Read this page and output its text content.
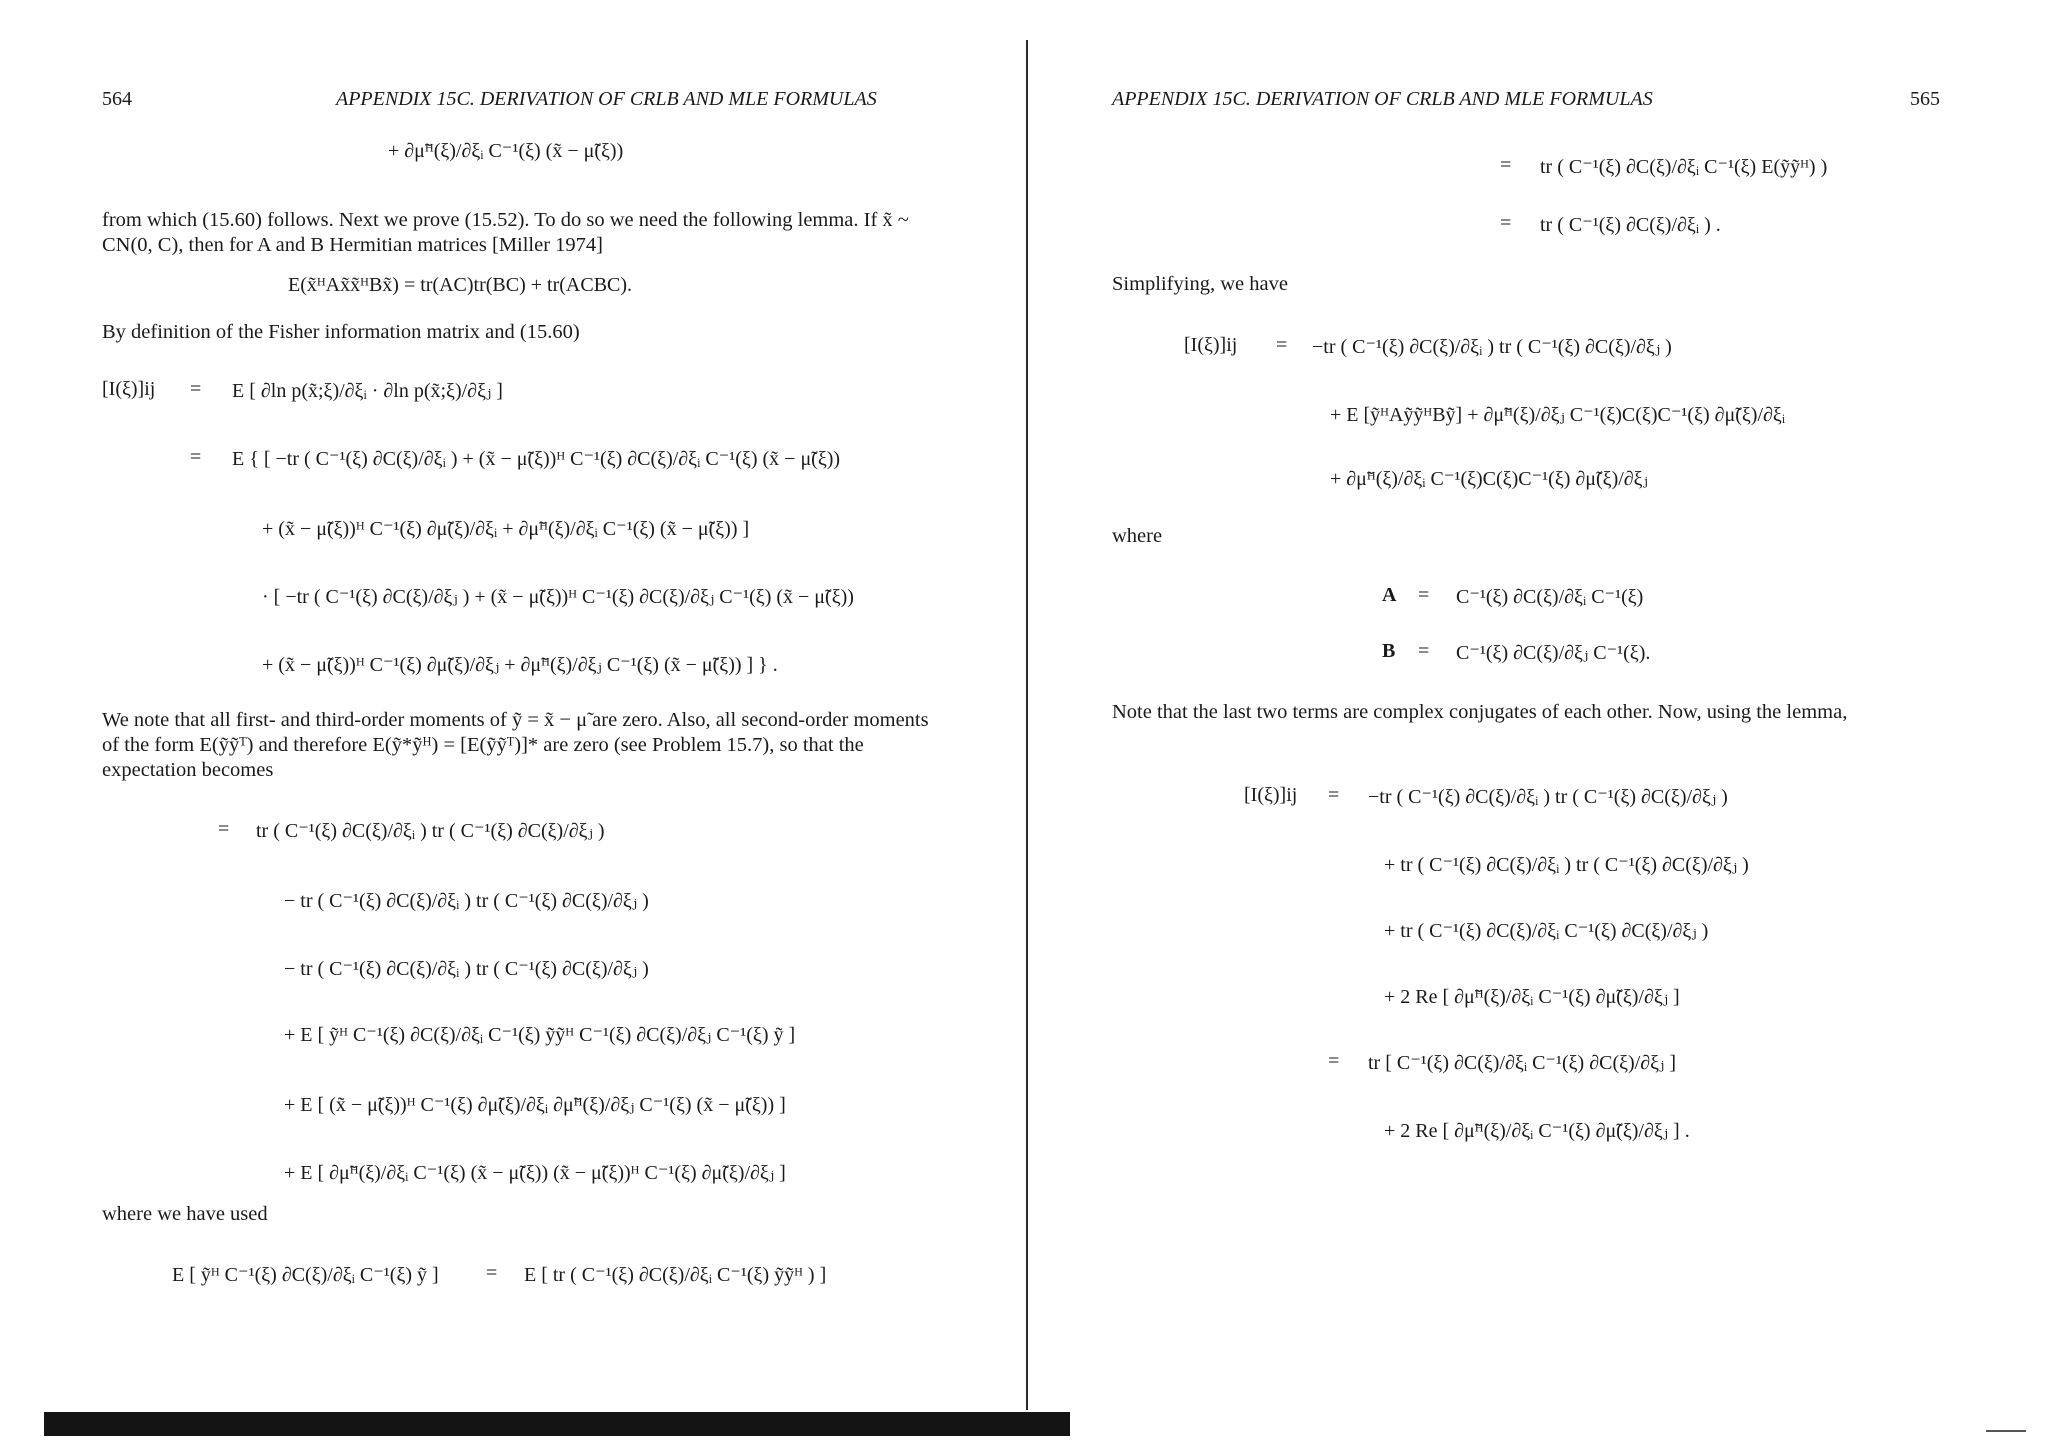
564	APPENDIX 15C. DERIVATION OF CRLB AND MLE FORMULAS
+ ∂μ̃ᴴ(ξ)/∂ξᵢ C⁻¹(ξ) (x̃ − μ̃(ξ))
from which (15.60) follows. Next we prove (15.52). To do so we need the following lemma. If x̃ ~ CN(0, C), then for A and B Hermitian matrices [Miller 1974]
E(x̃ᴴAx̃x̃ᴴBx̃) = tr(AC)tr(BC) + tr(ACBC).
By definition of the Fisher information matrix and (15.60)
[I(ξ)]ij = E [ ∂ln p(x̃;ξ)/∂ξᵢ · ∂ln p(x̃;ξ)/∂ξⱼ ]
= E { [ −tr ( C⁻¹(ξ) ∂C(ξ)/∂ξᵢ ) + (x̃ − μ̃(ξ))ᴴ C⁻¹(ξ) ∂C(ξ)/∂ξᵢ C⁻¹(ξ) (x̃ − μ̃(ξ))
+ (x̃ − μ̃(ξ))ᴴ C⁻¹(ξ) ∂μ̃(ξ)/∂ξᵢ + ∂μ̃ᴴ(ξ)/∂ξᵢ C⁻¹(ξ) (x̃ − μ̃(ξ)) ]
· [ −tr ( C⁻¹(ξ) ∂C(ξ)/∂ξⱼ ) + (x̃ − μ̃(ξ))ᴴ C⁻¹(ξ) ∂C(ξ)/∂ξⱼ C⁻¹(ξ) (x̃ − μ̃(ξ))
+ (x̃ − μ̃(ξ))ᴴ C⁻¹(ξ) ∂μ̃(ξ)/∂ξⱼ + ∂μ̃ᴴ(ξ)/∂ξⱼ C⁻¹(ξ) (x̃ − μ̃(ξ)) ] } .
We note that all first- and third-order moments of ỹ = x̃ − μ̃ are zero. Also, all second-order moments of the form E(ỹỹᵀ) and therefore E(ỹ*ỹᴴ) = [E(ỹỹᵀ)]* are zero (see Problem 15.7), so that the expectation becomes
= tr ( C⁻¹(ξ) ∂C(ξ)/∂ξᵢ ) tr ( C⁻¹(ξ) ∂C(ξ)/∂ξⱼ )
− tr ( C⁻¹(ξ) ∂C(ξ)/∂ξᵢ ) tr ( C⁻¹(ξ) ∂C(ξ)/∂ξⱼ )
− tr ( C⁻¹(ξ) ∂C(ξ)/∂ξᵢ ) tr ( C⁻¹(ξ) ∂C(ξ)/∂ξⱼ )
+ E [ ỹᴴ C⁻¹(ξ) ∂C(ξ)/∂ξᵢ C⁻¹(ξ) ỹỹᴴ C⁻¹(ξ) ∂C(ξ)/∂ξⱼ C⁻¹(ξ) ỹ ]
+ E [ (x̃ − μ̃(ξ))ᴴ C⁻¹(ξ) ∂μ̃(ξ)/∂ξᵢ ∂μ̃ᴴ(ξ)/∂ξⱼ C⁻¹(ξ) (x̃ − μ̃(ξ)) ]
+ E [ ∂μ̃ᴴ(ξ)/∂ξᵢ C⁻¹(ξ) (x̃ − μ̃(ξ)) (x̃ − μ̃(ξ))ᴴ C⁻¹(ξ) ∂μ̃(ξ)/∂ξⱼ ]
where we have used
E [ ỹᴴ C⁻¹(ξ) ∂C(ξ)/∂ξᵢ C⁻¹(ξ) ỹ ] = E [ tr ( C⁻¹(ξ) ∂C(ξ)/∂ξᵢ C⁻¹(ξ) ỹỹᴴ ) ]
APPENDIX 15C. DERIVATION OF CRLB AND MLE FORMULAS	565
= tr ( C⁻¹(ξ) ∂C(ξ)/∂ξᵢ C⁻¹(ξ) E(ỹỹᴴ) )
= tr ( C⁻¹(ξ) ∂C(ξ)/∂ξᵢ ) .
Simplifying, we have
[I(ξ)]ij = −tr ( C⁻¹(ξ) ∂C(ξ)/∂ξᵢ ) tr ( C⁻¹(ξ) ∂C(ξ)/∂ξⱼ )
+ E [ỹᴴAỹỹᴴBỹ] + ∂μ̃ᴴ(ξ)/∂ξⱼ C⁻¹(ξ)C(ξ)C⁻¹(ξ) ∂μ̃(ξ)/∂ξᵢ
+ ∂μ̃ᴴ(ξ)/∂ξᵢ C⁻¹(ξ)C(ξ)C⁻¹(ξ) ∂μ̃(ξ)/∂ξⱼ
where
A = C⁻¹(ξ) ∂C(ξ)/∂ξᵢ C⁻¹(ξ)
B = C⁻¹(ξ) ∂C(ξ)/∂ξⱼ C⁻¹(ξ).
Note that the last two terms are complex conjugates of each other. Now, using the lemma,
[I(ξ)]ij = −tr ( C⁻¹(ξ) ∂C(ξ)/∂ξᵢ ) tr ( C⁻¹(ξ) ∂C(ξ)/∂ξⱼ )
+ tr ( C⁻¹(ξ) ∂C(ξ)/∂ξᵢ ) tr ( C⁻¹(ξ) ∂C(ξ)/∂ξⱼ )
+ tr ( C⁻¹(ξ) ∂C(ξ)/∂ξᵢ C⁻¹(ξ) ∂C(ξ)/∂ξⱼ )
+ 2 Re [ ∂μ̃ᴴ(ξ)/∂ξᵢ C⁻¹(ξ) ∂μ̃(ξ)/∂ξⱼ ]
= tr [ C⁻¹(ξ) ∂C(ξ)/∂ξᵢ C⁻¹(ξ) ∂C(ξ)/∂ξⱼ ]
+ 2 Re [ ∂μ̃ᴴ(ξ)/∂ξᵢ C⁻¹(ξ) ∂μ̃(ξ)/∂ξⱼ ] .
